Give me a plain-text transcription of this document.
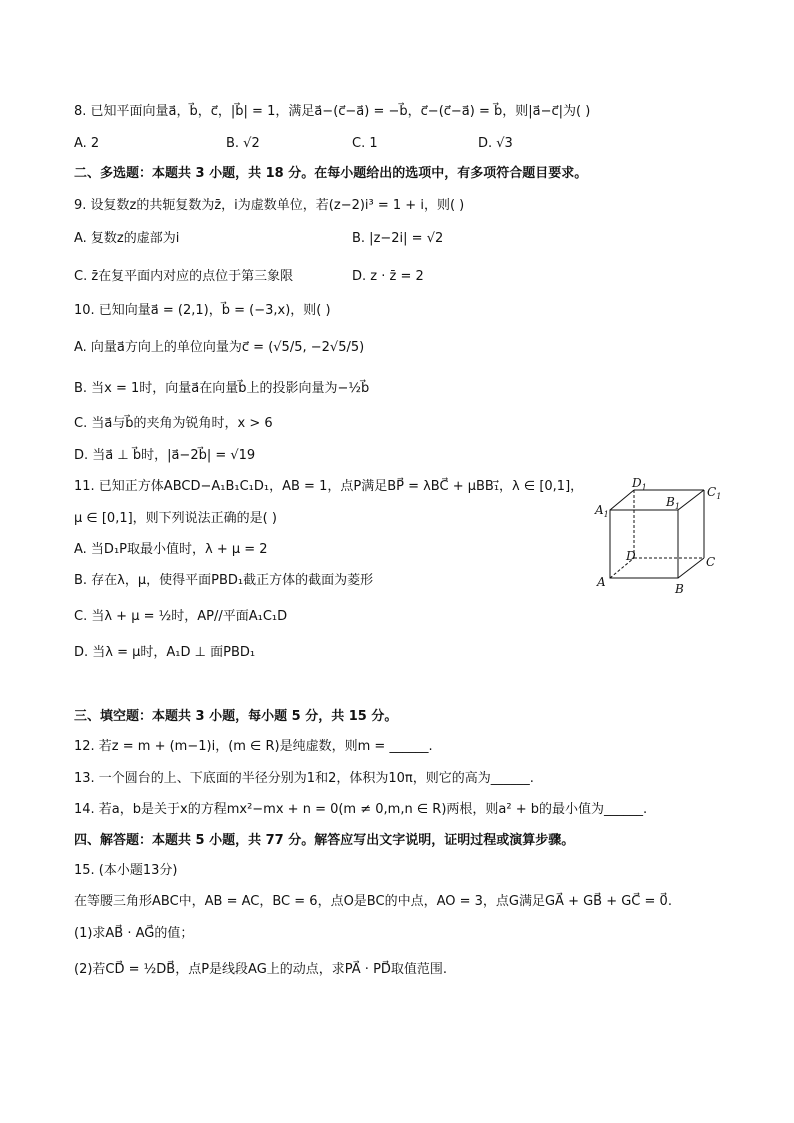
8. 已知平面向量a⃗，b⃗，c⃗，|b⃗| = 1，满足a⃗−(c⃗−a⃗) = −b⃗，c⃗−(c⃗−a⃗) = b⃗，则|a⃗−c⃗|为( )
A. 2	B. √2	C. 1	D. √3
二、多选题：本题共 3 小题，共 18 分。在每小题给出的选项中，有多项符合题目要求。
9. 设复数z的共轭复数为z̄，i为虚数单位，若(z−2)i³ = 1 + i，则( )
A. 复数z的虚部为i	B. |z−2i| = √2
C. z̄在复平面内对应的点位于第三象限	D. z · z̄ = 2
10. 已知向量a⃗ = (2,1)，b⃗ = (−3,x)，则( )
A. 向量a⃗方向上的单位向量为c⃗ = (√5/5, −2√5/5)
B. 当x = 1时，向量a⃗在向量b⃗上的投影向量为−½b⃗
C. 当a⃗与b⃗的夹角为锐角时，x > 6
D. 当a⃗ ⊥ b⃗时，|a⃗−2b⃗| = √19
11. 已知正方体ABCD−A₁B₁C₁D₁，AB = 1，点P满足BP⃗ = λBC⃗ + μBB₁⃗，λ ∈ [0,1]，
μ ∈ [0,1]，则下列说法正确的是( )
A. 当D₁P取最小值时，λ + μ = 2
B. 存在λ，μ，使得平面PBD₁截正方体的截面为菱形
C. 当λ + μ = ½时，AP//平面A₁C₁D
D. 当λ = μ时，A₁D ⊥ 面PBD₁
$A_1$
$D_1$
$B_1$
$C_1$
D
A	B
C
三、填空题：本题共 3 小题，每小题 5 分，共 15 分。
12. 若z = m + (m−1)i，(m ∈ R)是纯虚数，则m = ______.
13. 一个圆台的上、下底面的半径分别为1和2，体积为10π，则它的高为______.
14. 若a，b是关于x的方程mx²−mx + n = 0(m ≠ 0,m,n ∈ R)两根，则a² + b的最小值为______.
四、解答题：本题共 5 小题，共 77 分。解答应写出文字说明，证明过程或演算步骤。
15. (本小题13分)
在等腰三角形ABC中，AB = AC，BC = 6，点O是BC的中点，AO = 3，点G满足GA⃗ + GB⃗ + GC⃗ = 0⃗.
(1)求AB⃗ · AG⃗的值；
(2)若CD⃗ = ½DB⃗，点P是线段AG上的动点，求PA⃗ · PD⃗取值范围.
